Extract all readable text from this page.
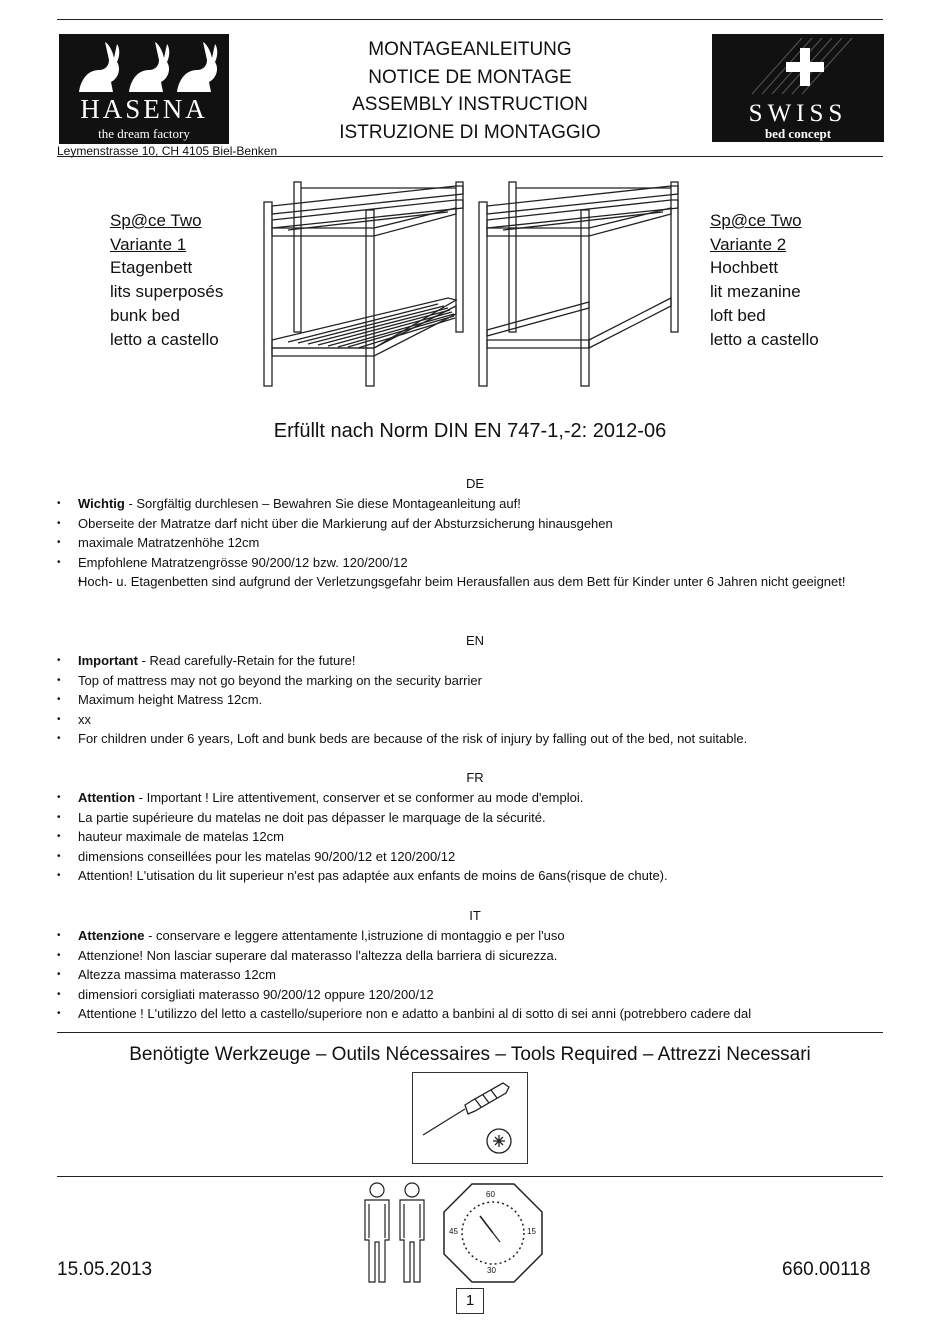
HASENA
the dream factory
Leymenstrasse 10, CH 4105 Biel-Benken
MONTAGEANLEITUNG
NOTICE DE MONTAGE
ASSEMBLY INSTRUCTION
ISTRUZIONE DI MONTAGGIO
SWISS
bed concept
Sp@ce Two
Variante 1
Etagenbett
lits superposés
bunk bed
letto a castello
Sp@ce Two
Variante 2
Hochbett
lit mezanine
loft bed
letto a castello
Erfüllt nach Norm DIN EN 747-1,-2: 2012-06
DE
• Wichtig - Sorgfältig durchlesen – Bewahren Sie diese Montageanleitung auf!
• Oberseite der Matratze darf nicht über die Markierung auf der Absturzsicherung hinausgehen
• maximale Matratzenhöhe 12cm
• Empfohlene Matratzengrösse 90/200/12 bzw. 120/200/12
• Hoch- u. Etagenbetten sind aufgrund der Verletzungsgefahr beim Herausfallen aus dem Bett für Kinder unter 6 Jahren nicht geeignet!
EN
• Important - Read carefully-Retain for the future!
• Top of mattress may not go beyond the marking on the security barrier
• Maximum height Matress 12cm.
• xx
• For children under 6 years, Loft and bunk beds are because of the risk of injury by falling out of the bed, not suitable.
FR
• Attention - Important ! Lire attentivement, conserver et se conformer au mode d'emploi.
• La partie supérieure du matelas ne doit pas dépasser le marquage de la sécurité.
• hauteur maximale de matelas 12cm
• dimensions conseillées pour les matelas 90/200/12 et 120/200/12
• Attention! L'utisation du lit superieur n'est pas adaptée aux enfants de moins de 6ans(risque de chute).
IT
• Attenzione - conservare e leggere attentamente l,istruzione di montaggio e per l'uso
• Attenzione! Non lasciar superare dal materasso l'altezza della barriera di sicurezza.
• Altezza massima materasso 12cm
• dimensiori corsigliati materasso 90/200/12 oppure 120/200/12
• Attentione ! L'utilizzo del letto a castello/superiore non e adatto a banbini al di sotto di sei anni (potrebbero cadere dal
Benötigte Werkzeuge – Outils Nécessaires – Tools Required – Attrezzi Necessari
60
15
30
45
15.05.2013	660.00118
1
